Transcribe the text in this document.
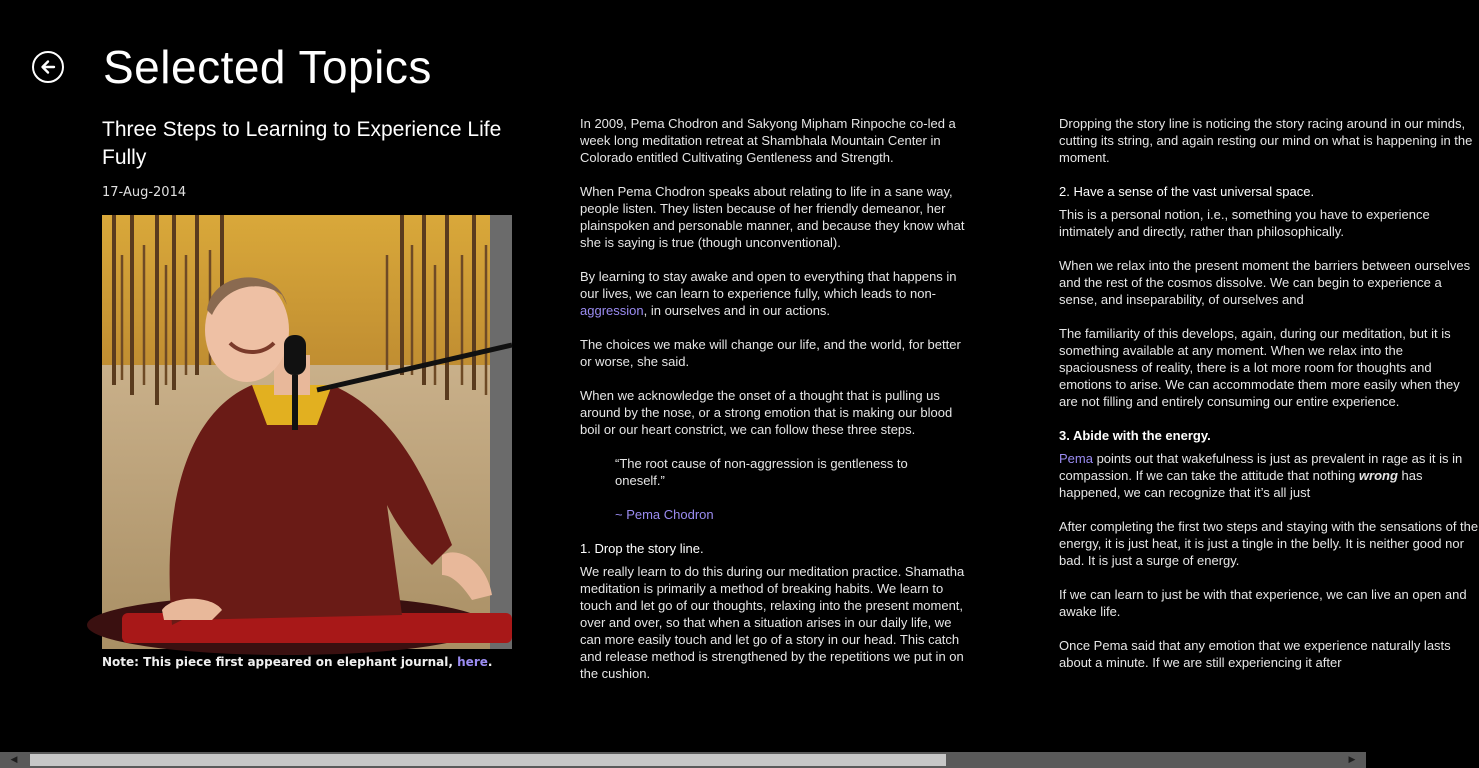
Selected Topics
Three Steps to Learning to Experience Life Fully
17-Aug-2014
Note: This piece first appeared on elephant journal, here.

In 2009, Pema Chodron and Sakyong Mipham Rinpoche co-led a week long meditation retreat at Shambhala Mountain Center in Colorado entitled Cultivating Gentleness and Strength.

When Pema Chodron speaks about relating to life in a sane way, people listen. They listen because of her friendly demeanor, her plainspoken and personable manner, and because they know what she is saying is true (though unconventional).

By learning to stay awake and open to everything that happens in our lives, we can learn to experience fully, which leads to non-aggression, in ourselves and in our actions.

The choices we make will change our life, and the world, for better or worse, she said.

When we acknowledge the onset of a thought that is pulling us around by the nose, or a strong emotion that is making our blood boil or our heart constrict, we can follow these three steps.

“The root cause of non-aggression is gentleness to oneself.”

~ Pema Chodron

1. Drop the story line.

We really learn to do this during our meditation practice. Shamatha meditation is primarily a method of breaking habits. We learn to touch and let go of our thoughts, relaxing into the present moment, over and over, so that when a situation arises in our daily life, we can more easily touch and let go of a story in our head. This catch and release method is strengthened by the repetitions we put in on the cushion.

Dropping the story line is noticing the story racing around in our minds, cutting its string, and again resting our mind on what is happening in the moment.

2. Have a sense of the vast universal space.

This is a personal notion, i.e., something you have to experience intimately and directly, rather than philosophically.

When we relax into the present moment the barriers between ourselves and the rest of the cosmos dissolve. We can begin to experience a sense, and inseparability, of ourselves and

The familiarity of this develops, again, during our meditation, but it is something available at any moment. When we relax into the spaciousness of reality, there is a lot more room for thoughts and emotions to arise. We can accommodate them more easily when they are not filling and entirely consuming our entire experience.

3. Abide with the energy.

Pema points out that wakefulness is just as prevalent in rage as it is in compassion. If we can take the attitude that nothing wrong has happened, we can recognize that it’s all just

After completing the first two steps and staying with the sensations of the energy, it is just heat, it is just a tingle in the belly. It is neither good nor bad. It is just a surge of energy.

If we can learn to just be with that experience, we can live an open and awake life.

Once Pema said that any emotion that we experience naturally lasts about a minute. If we are still experiencing it after

◀	▶
